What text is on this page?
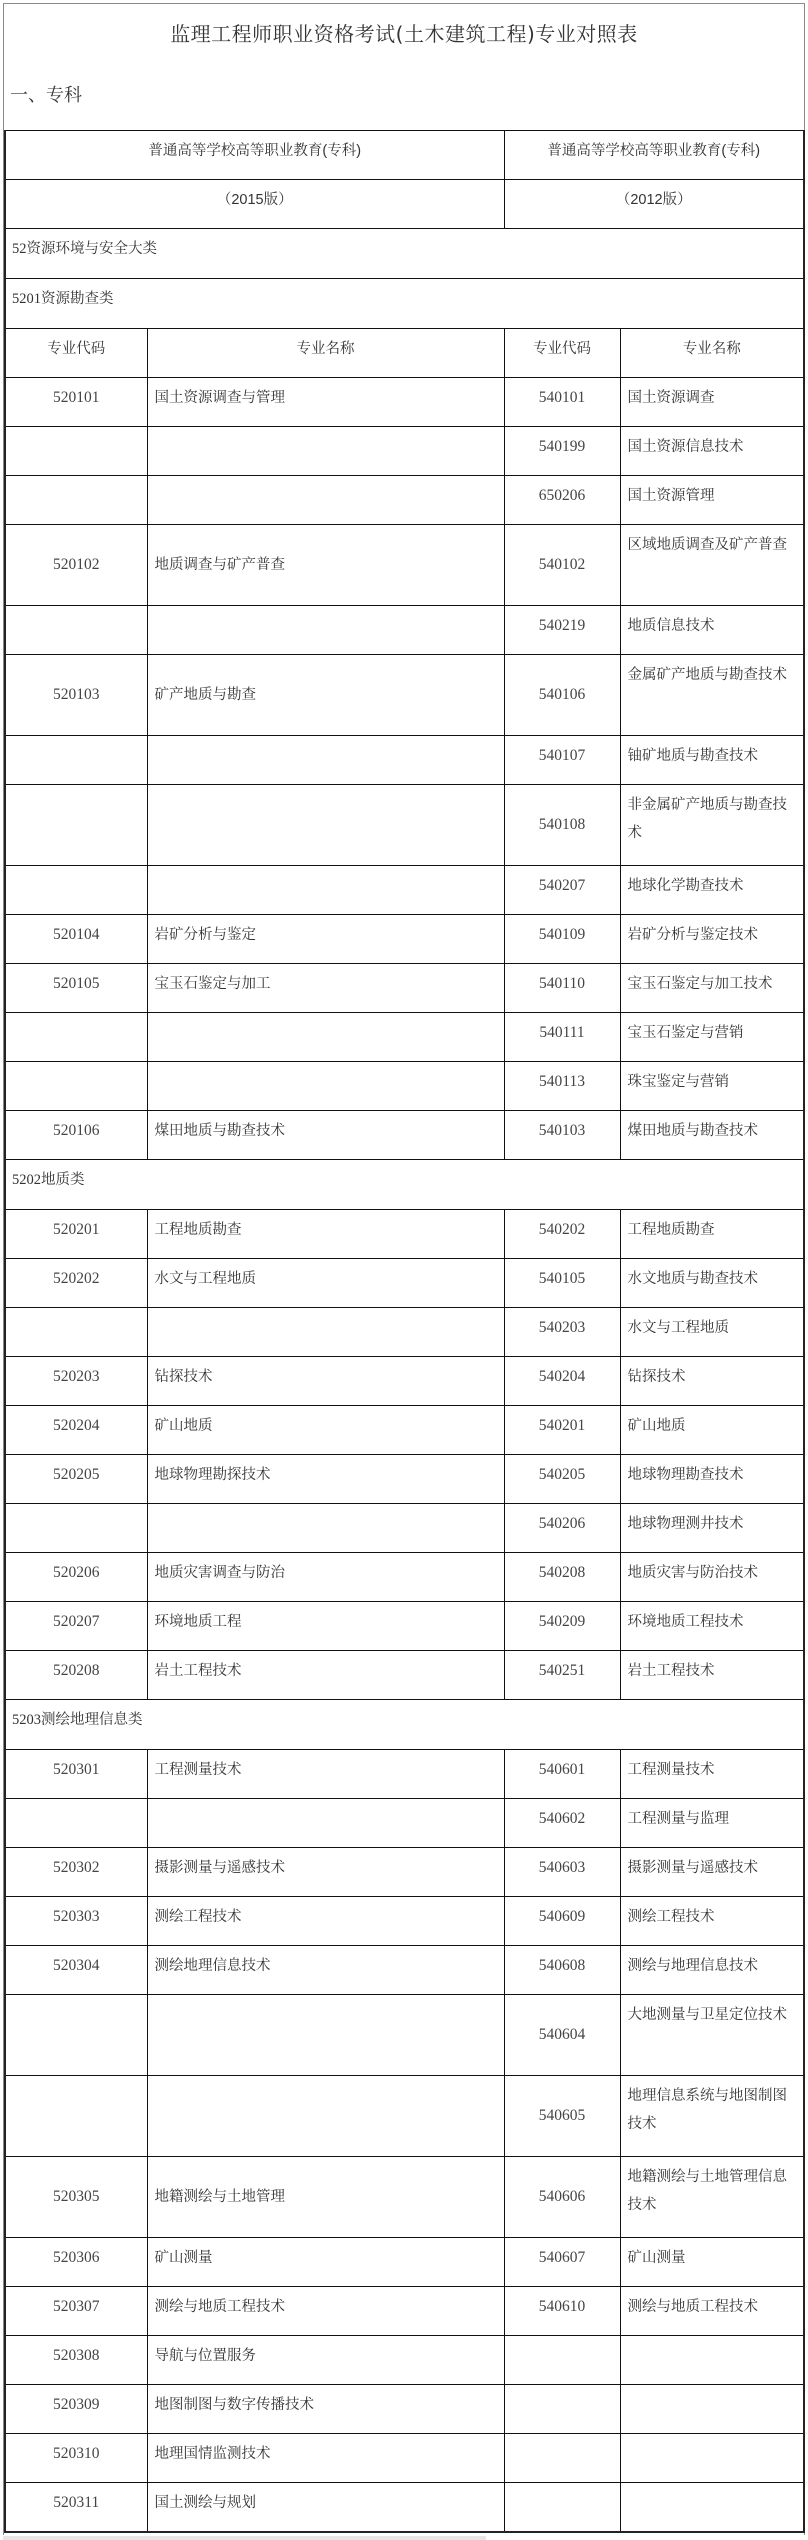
监理工程师职业资格考试(土木建筑工程)专业对照表
一、专科
普通高等学校高等职业教育(专科)		普通高等学校高等职业教育(专科)	
（2015版）		（2012版）	
52资源环境与安全大类			
5201资源勘查类			
专业代码	专业名称	专业代码	专业名称
520101	国土资源调查与管理	540101	国土资源调查
		540199	国土资源信息技术
		650206	国土资源管理
520102	地质调查与矿产普查	540102	区域地质调查及矿产普查
		540219	地质信息技术
520103	矿产地质与勘查	540106	金属矿产地质与勘查技术
		540107	铀矿地质与勘查技术
		540108	非金属矿产地质与勘查技术
		540207	地球化学勘查技术
520104	岩矿分析与鉴定	540109	岩矿分析与鉴定技术
520105	宝玉石鉴定与加工	540110	宝玉石鉴定与加工技术
		540111	宝玉石鉴定与营销
		540113	珠宝鉴定与营销
520106	煤田地质与勘查技术	540103	煤田地质与勘查技术
5202地质类			
520201	工程地质勘查	540202	工程地质勘查
520202	水文与工程地质	540105	水文地质与勘查技术
		540203	水文与工程地质
520203	钻探技术	540204	钻探技术
520204	矿山地质	540201	矿山地质
520205	地球物理勘探技术	540205	地球物理勘查技术
		540206	地球物理测井技术
520206	地质灾害调查与防治	540208	地质灾害与防治技术
520207	环境地质工程	540209	环境地质工程技术
520208	岩土工程技术	540251	岩土工程技术
5203测绘地理信息类			
520301	工程测量技术	540601	工程测量技术
		540602	工程测量与监理
520302	摄影测量与遥感技术	540603	摄影测量与遥感技术
520303	测绘工程技术	540609	测绘工程技术
520304	测绘地理信息技术	540608	测绘与地理信息技术
		540604	大地测量与卫星定位技术
		540605	地理信息系统与地图制图技术
520305	地籍测绘与土地管理	540606	地籍测绘与土地管理信息技术
520306	矿山测量	540607	矿山测量
520307	测绘与地质工程技术	540610	测绘与地质工程技术
520308	导航与位置服务		
520309	地图制图与数字传播技术		
520310	地理国情监测技术		
520311	国土测绘与规划		
